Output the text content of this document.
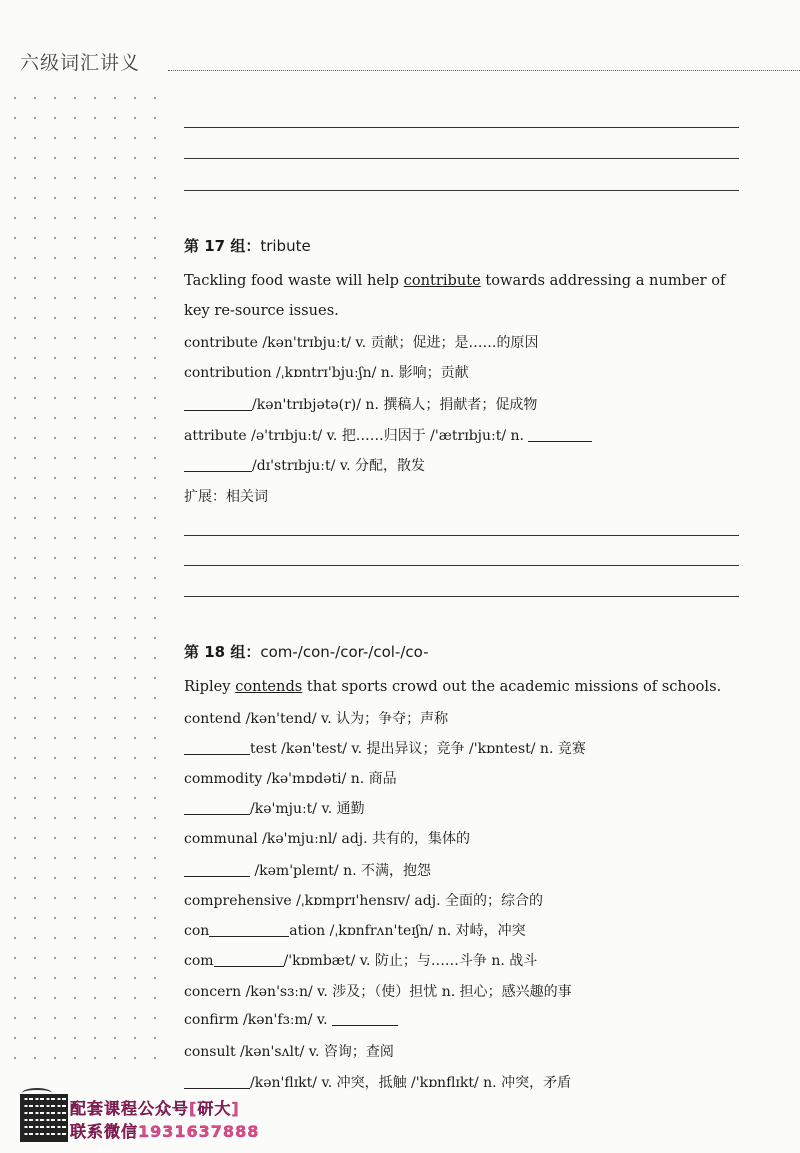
六级词汇讲义
第 17 组：tribute
Tackling food waste will help contribute towards addressing a number of key re-source issues.
contribute /kən'trɪbjuːt/ v. 贡献；促进；是……的原因
contribution /ˌkɒntrɪ'bjuːʃn/ n. 影响；贡献
/kən'trɪbjətə(r)/ n. 撰稿人；捐献者；促成物
attribute /ə'trɪbjuːt/ v. 把……归因于 /'ætrɪbjuːt/ n.
/dɪ'strɪbjuːt/ v. 分配，散发
扩展：相关词
第 18 组：com-/con-/cor-/col-/co-
Ripley contends that sports crowd out the academic missions of schools.
contend /kən'tend/ v. 认为；争夺；声称
test /kən'test/ v. 提出异议；竞争 /'kɒntest/ n. 竞赛
commodity /kə'mɒdəti/ n. 商品
/kə'mjuːt/ v. 通勤
communal /kə'mjuːnl/ adj. 共有的，集体的
/kəm'pleɪnt/ n. 不满，抱怨
comprehensive /ˌkɒmprɪ'hensɪv/ adj. 全面的；综合的
con	ation /ˌkɒnfrʌn'teɪʃn/ n. 对峙，冲突
com	/'kɒmbæt/ v. 防止；与……斗争 n. 战斗
concern /kən'sɜːn/ v. 涉及；（使）担忧 n. 担心；感兴趣的事
confirm /kən'fɜːm/ v.
consult /kən'sʌlt/ v. 咨询；查阅
/kən'flɪkt/ v. 冲突，抵触 /'kɒnflɪkt/ n. 冲突，矛盾
配套课程公众号[研大]
联系微信1931637888
